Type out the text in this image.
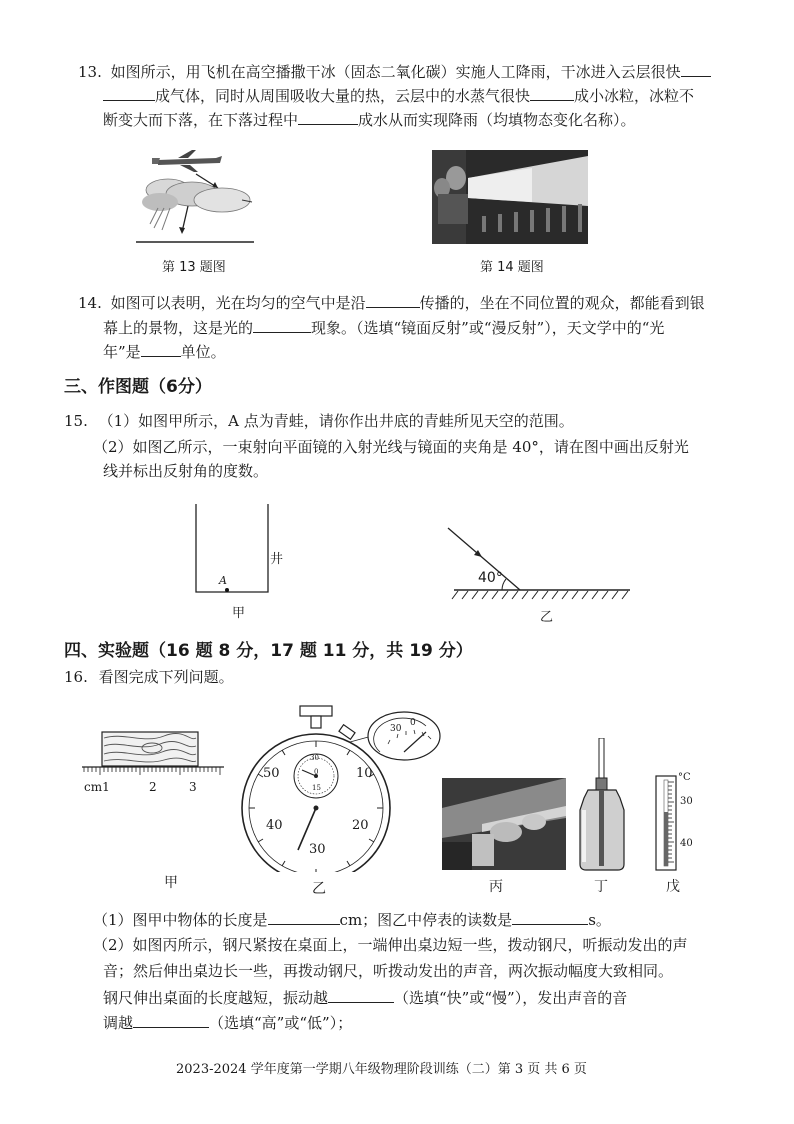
13. 如图所示，用飞机在高空播撒干冰（固态二氧化碳）实施人工降雨，干冰进入云层很快
成气体，同时从周围吸收大量的热，云层中的水蒸气很快	成小冰粒，冰粒不
断变大而下落，在下落过程中	成水从而实现降雨（均填物态变化名称）。
第 13 题图	第 14 题图
14. 如图可以表明，光在均匀的空气中是沿	传播的，坐在不同位置的观众，都能看到银
幕上的景物，这是光的	现象。（选填“镜面反射”或“漫反射”），天文学中的“光
年”是	单位。
三、作图题（6分）
15. （1）如图甲所示，A 点为青蛙，请你作出井底的青蛙所见天空的范围。
（2）如图乙所示，一束射向平面镜的入射光线与镜面的夹角是 40°，请在图中画出反射光
线并标出反射角的度数。
井
A
甲
40°
乙
四、实验题（16 题 8 分，17 题 11 分，共 19 分）
16. 看图完成下列问题。
cm1	2	3
50	10
40	20
30
30
0
15
30
0
°C
30
40
甲	乙	丙	丁	戊
（1）图甲中物体的长度是	cm；图乙中停表的读数是	s。
（2）如图丙所示，钢尺紧按在桌面上，一端伸出桌边短一些，拨动钢尺，听振动发出的声
音；然后伸出桌边长一些，再拨动钢尺，听拨动发出的声音，两次振动幅度大致相同。
钢尺伸出桌面的长度越短，振动越	（选填“快”或“慢”），发出声音的音
调越	（选填“高”或“低”）；
2023-2024 学年度第一学期八年级物理阶段训练（二）第 3 页 共 6 页
